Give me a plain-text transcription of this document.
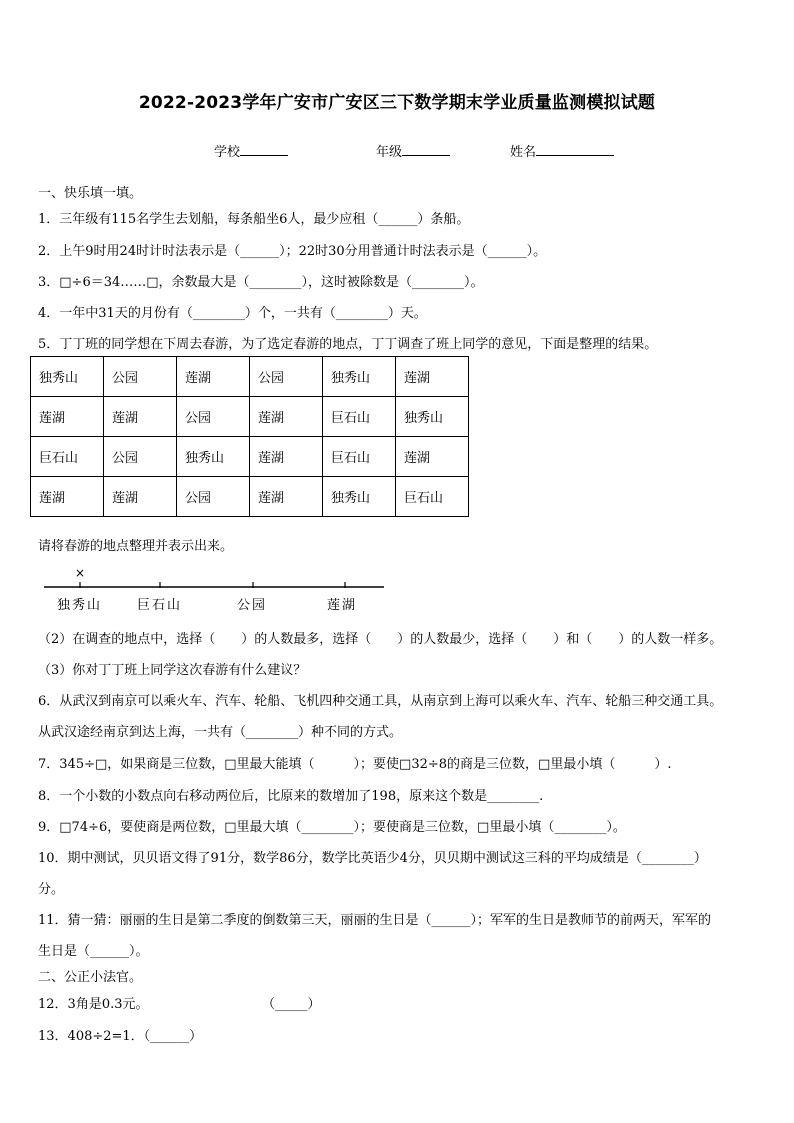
2022-2023学年广安市广安区三下数学期末学业质量监测模拟试题
学校	年级	姓名
一、快乐填一填。
1．三年级有115名学生去划船，每条船坐6人，最少应租（______）条船。
2．上午9时用24时计时法表示是（______）；22时30分用普通计时法表示是（______）。
3．□÷6＝34……□，余数最大是（________），这时被除数是（________）。
4．一年中31天的月份有（________）个，一共有（________）天。
5．丁丁班的同学想在下周去春游，为了选定春游的地点，丁丁调查了班上同学的意见，下面是整理的结果。
独秀山	公园	莲湖	公园	独秀山	莲湖
莲湖	莲湖	公园	莲湖	巨石山	独秀山
巨石山	公园	独秀山	莲湖	巨石山	莲湖
莲湖	莲湖	公园	莲湖	独秀山	巨石山
请将春游的地点整理并表示出来。
×
独秀山	巨石山	公园	莲湖
（2）在调查的地点中，选择（　　）的人数最多，选择（　　）的人数最少，选择（　　）和（　　）的人数一样多。
（3）你对丁丁班上同学这次春游有什么建议？
6．从武汉到南京可以乘火车、汽车、轮船、飞机四种交通工具，从南京到上海可以乘火车、汽车、轮船三种交通工具。
从武汉途经南京到达上海，一共有（________）种不同的方式。
7．345÷□，如果商是三位数，□里最大能填（　　　）；要使□32÷8的商是三位数，□里最小填（　　　）.
8．一个小数的小数点向右移动两位后，比原来的数增加了198，原来这个数是________.
9．□74÷6，要使商是两位数，□里最大填（________）；要使商是三位数，□里最小填（________）。
10．期中测试，贝贝语文得了91分，数学86分，数学比英语少4分，贝贝期中测试这三科的平均成绩是（________）
分。
11．猜一猜：丽丽的生日是第二季度的倒数第三天，丽丽的生日是（______）；军军的生日是教师节的前两天，军军的
生日是（______）。
二、公正小法官。
12．3角是0.3元。	（_____）
13．408÷2=1．（______）
